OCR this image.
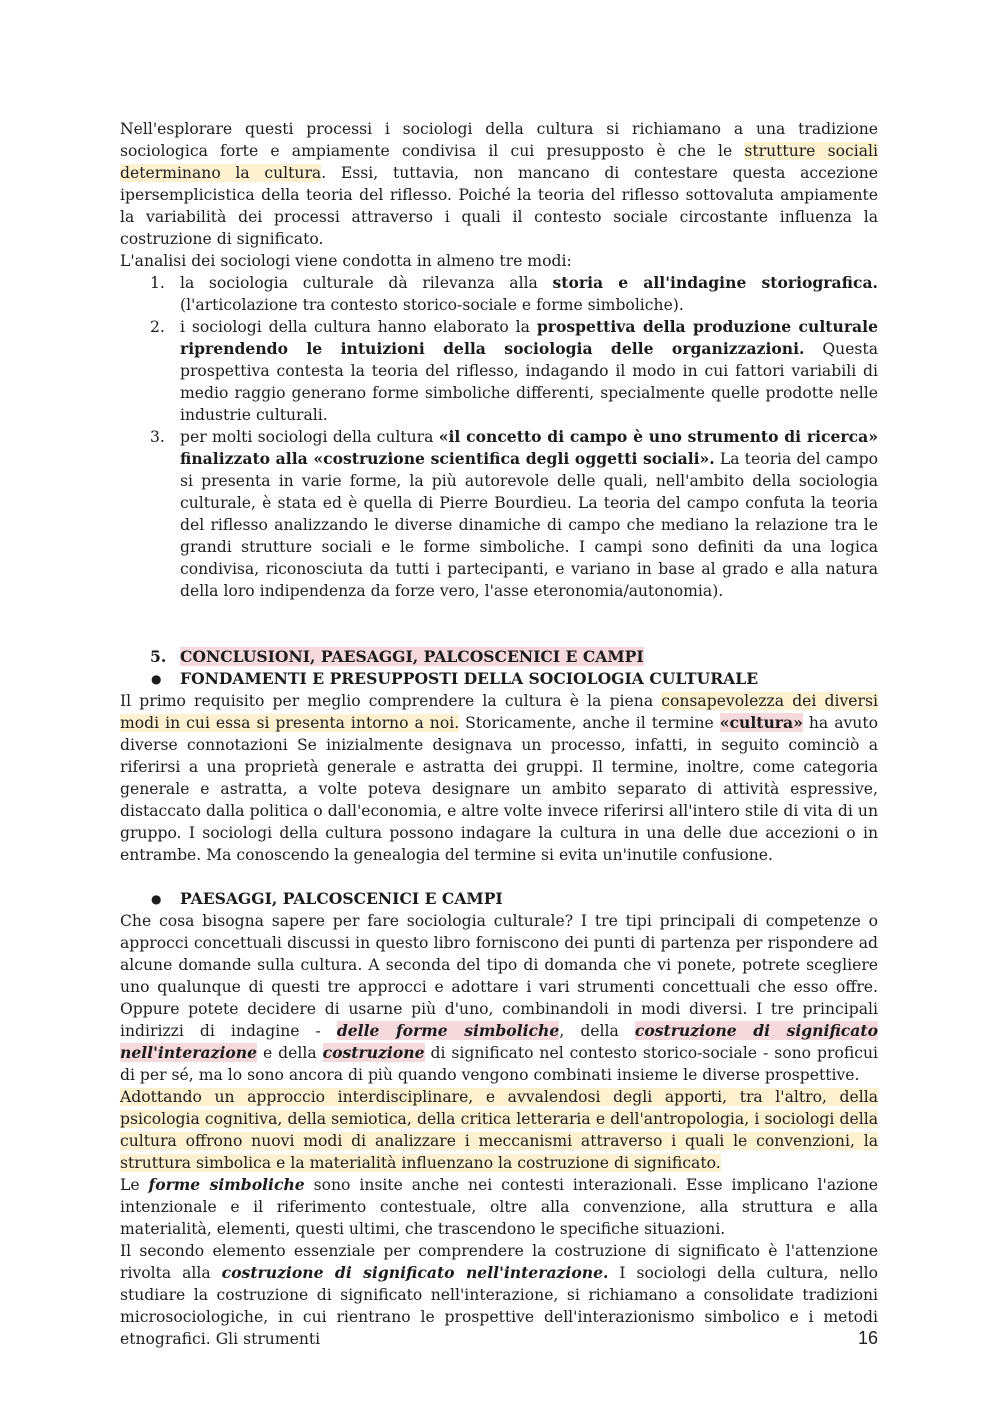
Nell'esplorare questi processi i sociologi della cultura si richiamano a una tradizione sociologica forte e ampiamente condivisa il cui presupposto è che le strutture sociali determinano la cultura. Essi, tuttavia, non mancano di contestare questa accezione ipersemplicistica della teoria del riflesso. Poiché la teoria del riflesso sottovaluta ampiamente la variabilità dei processi attraverso i quali il contesto sociale circostante influenza la costruzione di significato.

L'analisi dei sociologi viene condotta in almeno tre modi:

1. la sociologia culturale dà rilevanza alla storia e all'indagine storiografica. (l'articolazione tra contesto storico-sociale e forme simboliche).
2. i sociologi della cultura hanno elaborato la prospettiva della produzione culturale riprendendo le intuizioni della sociologia delle organizzazioni. Questa prospettiva contesta la teoria del riflesso, indagando il modo in cui fattori variabili di medio raggio generano forme simboliche differenti, specialmente quelle prodotte nelle industrie culturali.
3. per molti sociologi della cultura «il concetto di campo è uno strumento di ricerca» finalizzato alla «costruzione scientifica degli oggetti sociali». La teoria del campo si presenta in varie forme, la più autorevole delle quali, nell'ambito della sociologia culturale, è stata ed è quella di Pierre Bourdieu. La teoria del campo confuta la teoria del riflesso analizzando le diverse dinamiche di campo che mediano la relazione tra le grandi strutture sociali e le forme simboliche. I campi sono definiti da una logica condivisa, riconosciuta da tutti i partecipanti, e variano in base al grado e alla natura della loro indipendenza da forze vero, l'asse eteronomia/autonomia).
5. CONCLUSIONI, PAESAGGI, PALCOSCENICI E CAMPI
● FONDAMENTI E PRESUPPOSTI DELLA SOCIOLOGIA CULTURALE

Il primo requisito per meglio comprendere la cultura è la piena consapevolezza dei diversi modi in cui essa si presenta intorno a noi. Storicamente, anche il termine «cultura» ha avuto diverse connotazioni Se inizialmente designava un processo, infatti, in seguito cominciò a riferirsi a una proprietà generale e astratta dei gruppi. Il termine, inoltre, come categoria generale e astratta, a volte poteva designare un ambito separato di attività espressive, distaccato dalla politica o dall'economia, e altre volte invece riferirsi all'intero stile di vita di un gruppo. I sociologi della cultura possono indagare la cultura in una delle due accezioni o in entrambe. Ma conoscendo la genealogia del termine si evita un'inutile confusione.

● PAESAGGI, PALCOSCENICI E CAMPI

Che cosa bisogna sapere per fare sociologia culturale? I tre tipi principali di competenze o approcci concettuali discussi in questo libro forniscono dei punti di partenza per rispondere ad alcune domande sulla cultura. A seconda del tipo di domanda che vi ponete, potrete scegliere uno qualunque di questi tre approcci e adottare i vari strumenti concettuali che esso offre. Oppure potete decidere di usarne più d'uno, combinandoli in modi diversi. I tre principali indirizzi di indagine - delle forme simboliche, della costruzione di significato nell'interazione e della costruzione di significato nel contesto storico-sociale - sono proficui di per sé, ma lo sono ancora di più quando vengono combinati insieme le diverse prospettive.

Adottando un approccio interdisciplinare, e avvalendosi degli apporti, tra l'altro, della psicologia cognitiva, della semiotica, della critica letteraria e dell'antropologia, i sociologi della cultura offrono nuovi modi di analizzare i meccanismi attraverso i quali le convenzioni, la struttura simbolica e la materialità influenzano la costruzione di significato.

Le forme simboliche sono insite anche nei contesti interazionali. Esse implicano l'azione intenzionale e il riferimento contestuale, oltre alla convenzione, alla struttura e alla materialità, elementi, questi ultimi, che trascendono le specifiche situazioni.

Il secondo elemento essenziale per comprendere la costruzione di significato è l'attenzione rivolta alla costruzione di significato nell'interazione. I sociologi della cultura, nello studiare la costruzione di significato nell'interazione, si richiamano a consolidate tradizioni microsociologiche, in cui rientrano le prospettive dell'interazionismo simbolico e i metodi etnografici. Gli strumenti	16
